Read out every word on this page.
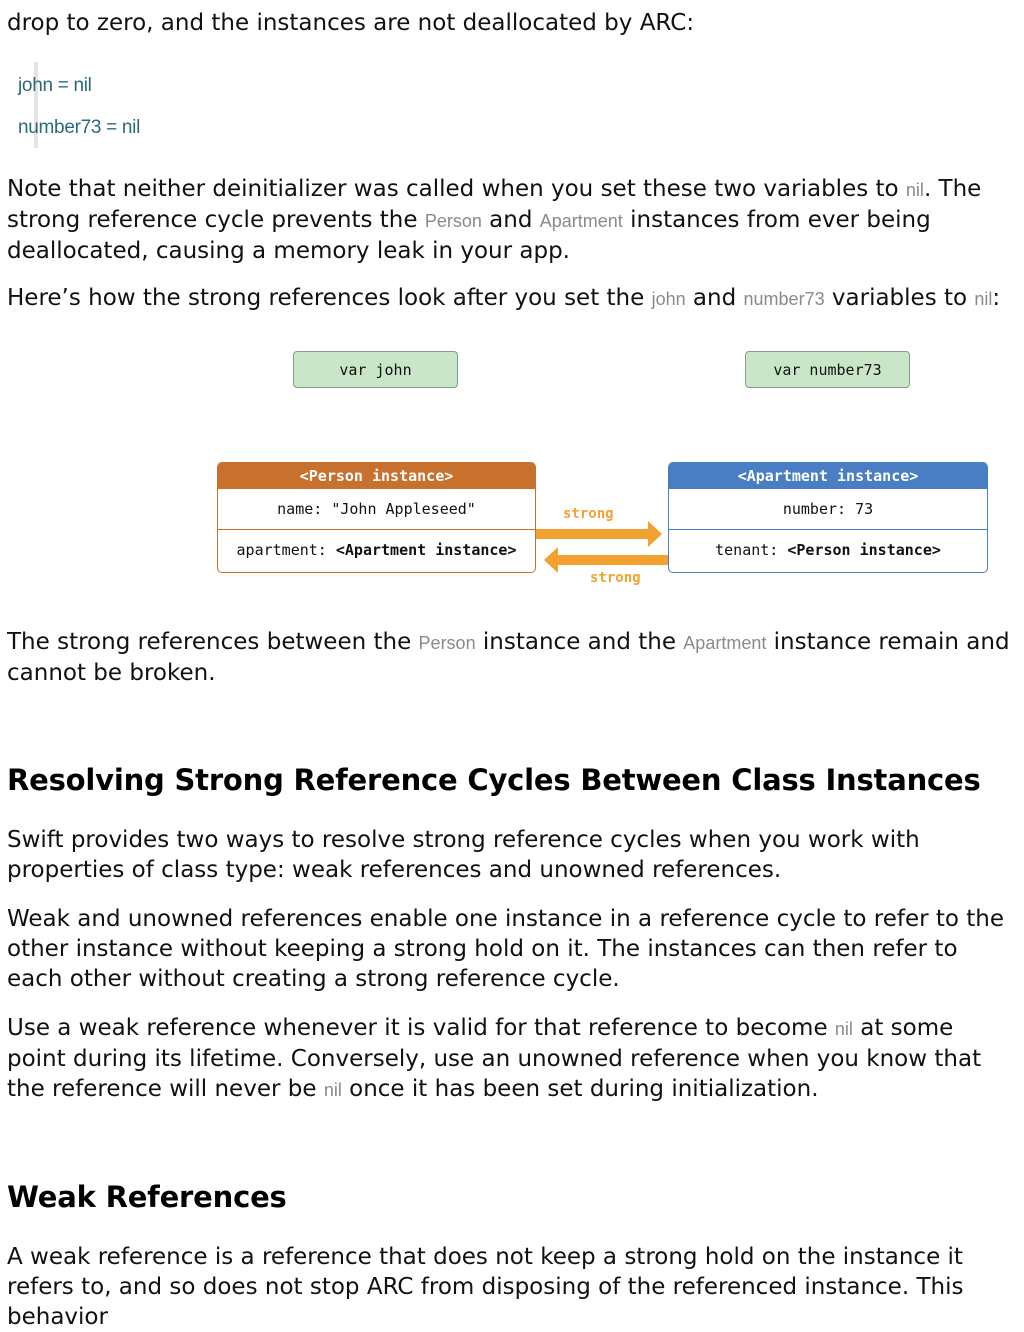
drop to zero, and the instances are not deallocated by ARC:

john = nil
number73 = nil

Note that neither deinitializer was called when you set these two variables to nil. The strong reference cycle prevents the Person and Apartment instances from ever being deallocated, causing a memory leak in your app.

Here’s how the strong references look after you set the john and number73 variables to nil:

var john	var number73
<Person instance>
name: "John Appleseed"
apartment: <Apartment instance>
<Apartment instance>
number: 73
tenant: <Person instance>
strong
strong

The strong references between the Person instance and the Apartment instance remain and cannot be broken.

Resolving Strong Reference Cycles Between Class Instances

Swift provides two ways to resolve strong reference cycles when you work with properties of class type: weak references and unowned references.

Weak and unowned references enable one instance in a reference cycle to refer to the other instance without keeping a strong hold on it. The instances can then refer to each other without creating a strong reference cycle.

Use a weak reference whenever it is valid for that reference to become nil at some point during its lifetime. Conversely, use an unowned reference when you know that the reference will never be nil once it has been set during initialization.

Weak References

A weak reference is a reference that does not keep a strong hold on the instance it refers to, and so does not stop ARC from disposing of the referenced instance. This behavior
